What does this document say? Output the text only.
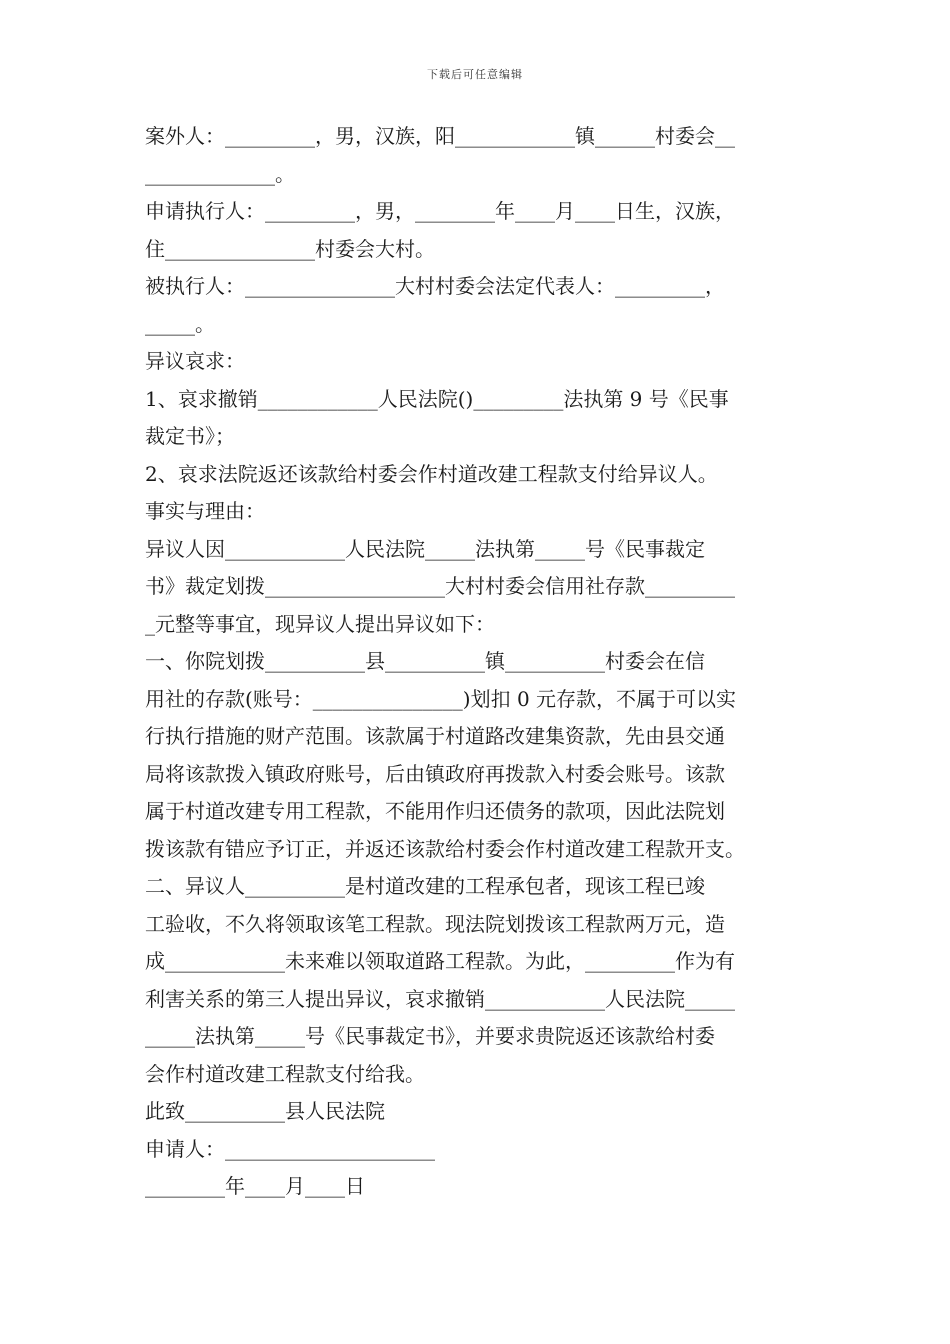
下载后可任意编辑
案外人：_________，男，汉族，阳____________镇______村委会__
_____________。
申请执行人：_________，男，________年____月____日生，汉族，
住_______________村委会大村。
被执行人：_______________大村村委会法定代表人：_________，
_____。
异议哀求：
1、哀求撤销____________人民法院()_________法执第 9 号《民事
裁定书》；
2、哀求法院返还该款给村委会作村道改建工程款支付给异议人。
事实与理由：
异议人因____________人民法院_____法执第_____号《民事裁定
书》裁定划拨__________________大村村委会信用社存款_________
_元整等事宜，现异议人提出异议如下：
一、你院划拨__________县__________镇__________村委会在信
用社的存款(账号：_______________)划扣 0 元存款，不属于可以实
行执行措施的财产范围。该款属于村道路改建集资款，先由县交通
局将该款拨入镇政府账号，后由镇政府再拨款入村委会账号。该款
属于村道改建专用工程款，不能用作归还债务的款项，因此法院划
拨该款有错应予订正，并返还该款给村委会作村道改建工程款开支。
二、异议人__________是村道改建的工程承包者，现该工程已竣
工验收，不久将领取该笔工程款。现法院划拨该工程款两万元，造
成____________未来难以领取道路工程款。为此，_________作为有
利害关系的第三人提出异议，哀求撤销____________人民法院_____
_____法执第_____号《民事裁定书》，并要求贵院返还该款给村委
会作村道改建工程款支付给我。
此致__________县人民法院
申请人：_____________________
________年____月____日
